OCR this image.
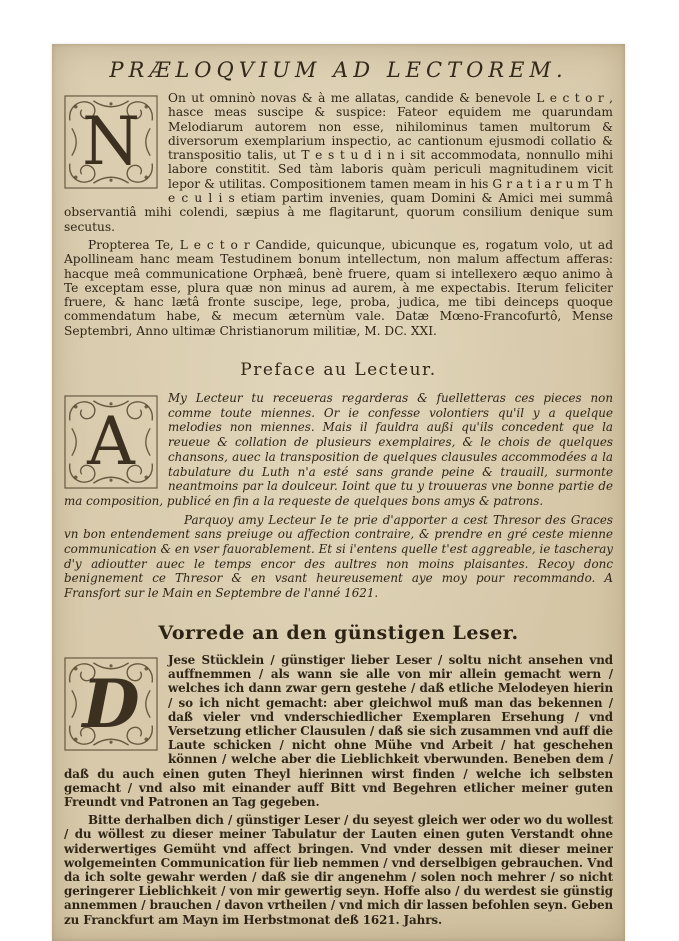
PRÆLOQVIUM AD LECTOREM.
N

On ut omninò novas & à me allatas, candide & benevole L e c t o r , hasce meas suscipe & suspice: Fateor equidem me quarundam Melodiarum autorem non esse, nihilominus tamen multorum & diversorum exemplarium inspectio, ac cantionum ejusmodi collatio & transpositio talis, ut T e s t u d i n i sit accommodata, nonnullo mihi labore constitit. Sed tàm laboris quàm periculi magnitudinem vicit lepor & utilitas. Compositionem tamen meam in his G r a t i a r u m T h e c u l i s etiam partim invenies, quam Domini & Amici mei summâ observantiâ mihi colendi, sæpius à me flagitarunt, quorum consilium denique sum secutus.

Propterea Te, L e c t o r Candide, quicunque, ubicunque es, rogatum volo, ut ad Apollineam hanc meam Testudinem bonum intellectum, non malum affectum afferas: hacque meâ communicatione Orphæâ, benè fruere, quam si intellexero æquo animo à Te exceptam esse, plura quæ non minus ad aurem, à me expectabis. Iterum feliciter fruere, & hanc lætâ fronte suscipe, lege, proba, judica, me tibi deinceps quoque commendatum habe, & mecum æternùm vale. Datæ Mœno-Francofurtô, Mense Septembri, Anno ultimæ Christianorum militiæ, M. DC. XXI.

Preface au Lecteur.
A

My Lecteur tu receueras regarderas & fuelletteras ces pieces non comme toute miennes. Or ie confesse volontiers qu'il y a quelque melodies non miennes. Mais il fauldra außi qu'ils concedent que la reueue & collation de plusieurs exemplaires, & le chois de quelques chansons, auec la transposition de quelques clausules accommodées a la tabulature du Luth n'a esté sans grande peine & trauaill, surmonte neantmoins par la doulceur. Ioint que tu y trouueras vne bonne partie de ma composition, publicé en fin a la requeste de quelques bons amys & patrons.

Parquoy amy Lecteur Ie te prie d'apporter a cest Thresor des Graces vn bon entendement sans preiuge ou affection contraire, & prendre en gré ceste mienne communication & en vser fauorablement. Et si i'entens quelle t'est aggreable, ie tascheray d'y adioutter auec le temps encor des aultres non moins plaisantes. Recoy donc benignement ce Thresor & en vsant heureusement aye moy pour recommando. A Fransfort sur le Main en Septembre de l'anné 1621.

Vorrede an den günstigen Leser.
D

Jese Stücklein / günstiger lieber Leser / soltu nicht ansehen vnd auffnemmen / als wann sie alle von mir allein gemacht wern / welches ich dann zwar gern gestehe / daß etliche Melodeyen hierin / so ich nicht gemacht: aber gleichwol muß man das bekennen / daß vieler vnd vnderschiedlicher Exemplaren Ersehung / vnd Versetzung etlicher Clausulen / daß sie sich zusammen vnd auff die Laute schicken / nicht ohne Mühe vnd Arbeit / hat geschehen können / welche aber die Lieblichkeit vberwunden. Beneben dem / daß du auch einen guten Theyl hierinnen wirst finden / welche ich selbsten gemacht / vnd also mit einander auff Bitt vnd Begehren etlicher meiner guten Freundt vnd Patronen an Tag gegeben.

Bitte derhalben dich / günstiger Leser / du seyest gleich wer oder wo du wollest / du wöllest zu dieser meiner Tabulatur der Lauten einen guten Verstandt ohne widerwertiges Gemüht vnd affect bringen. Vnd vnder dessen mit dieser meiner wolgemeinten Communication für lieb nemmen / vnd derselbigen gebrauchen. Vnd da ich solte gewahr werden / daß sie dir angenehm / solen noch mehrer / so nicht geringerer Lieblichkeit / von mir gewertig seyn. Hoffe also / du werdest sie günstig annemmen / brauchen / davon vrtheilen / vnd mich dir lassen befohlen seyn. Geben zu Franckfurt am Mayn im Herbstmonat deß 1621. Jahrs.
